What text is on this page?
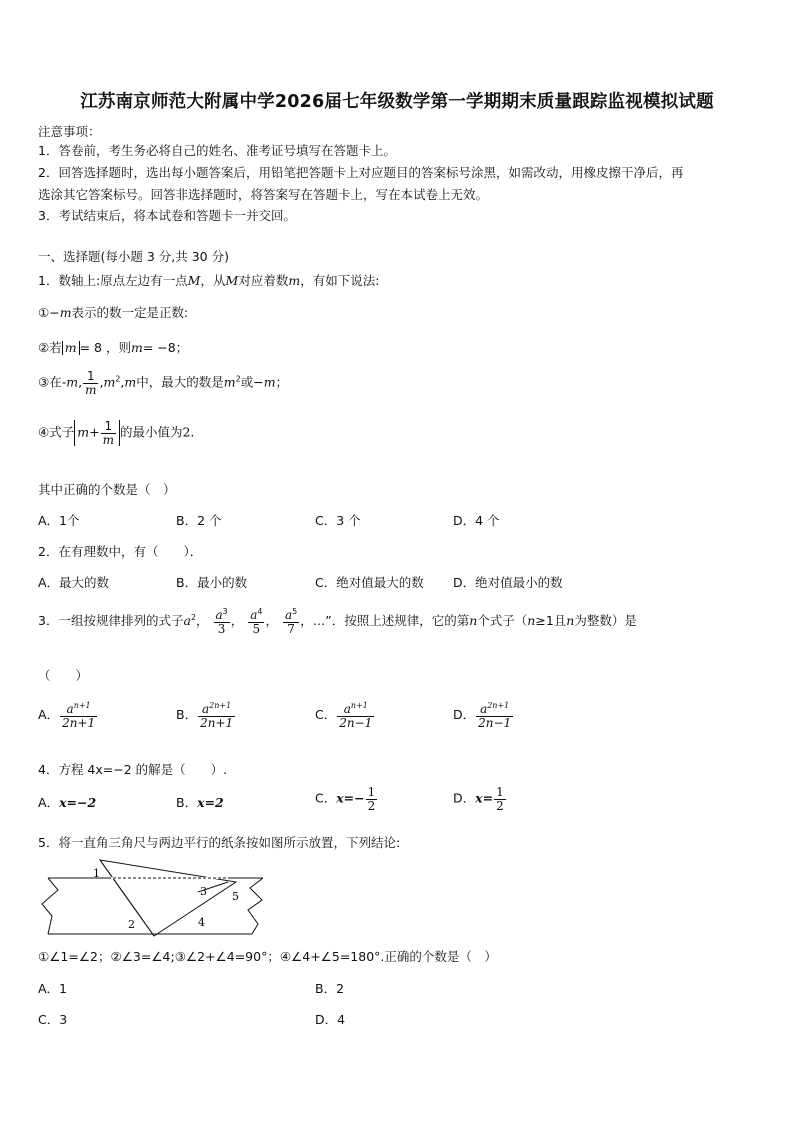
江苏南京师范大附属中学2026届七年级数学第一学期期末质量跟踪监视模拟试题
注意事项：
1．答卷前，考生务必将自己的姓名、准考证号填写在答题卡上。
2．回答选择题时，选出每小题答案后，用铅笔把答题卡上对应题目的答案标号涂黑，如需改动，用橡皮擦干净后，再
选涂其它答案标号。回答非选择题时，将答案写在答题卡上，写在本试卷上无效。
3．考试结束后，将本试卷和答题卡一并交回。
一、选择题(每小题 3 分,共 30 分)
1．数轴上:原点左边有一点M，从M对应着数m，有如下说法:
①−m表示的数一定是正数:
②若 m = 8 ，则m= −8；
③在-m, $\frac{1}{m} ,m^2,m$中，最大的数是$m^2$或−m；
④式子 $m+ \frac{1}{m}$ 的最小值为2.
其中正确的个数是（　）
A．1个	B．2 个	C．3 个	D．4 个
2．在有理数中，有（　　）．
A．最大的数	B．最小的数	C．绝对值最大的数 D．绝对值最小的数
3．一组按规律排列的式子$a^2$， $\frac{a^3}{3}$ ， $\frac{a^4}{5}$ ， $\frac{a^5}{7}$ ，…”．按照上述规律，它的第n个式子（n≥1且n为整数）是
（　　）
A． $\frac{a^{n+1}}{2n+1}$	B． $\frac{a^{2n+1}}{2n+1}$	C． $\frac{a^{n+1}}{2n-1}$	D． $\frac{a^{2n+1}}{2n-1}$
4．方程 4x=−2 的解是（　　）.
A．x=−2	B．x=2	C．$x=- \frac{1}{2}$	D．$x= \frac{1}{2}$
5．将一直角三角尺与两边平行的纸条按如图所示放置，下列结论:
1
2
3
4
5
①∠1=∠2；②∠3=∠4;③∠2+∠4=90°；④∠4+∠5=180°.正确的个数是（　）
A．1	B．2
C．3	D．4
